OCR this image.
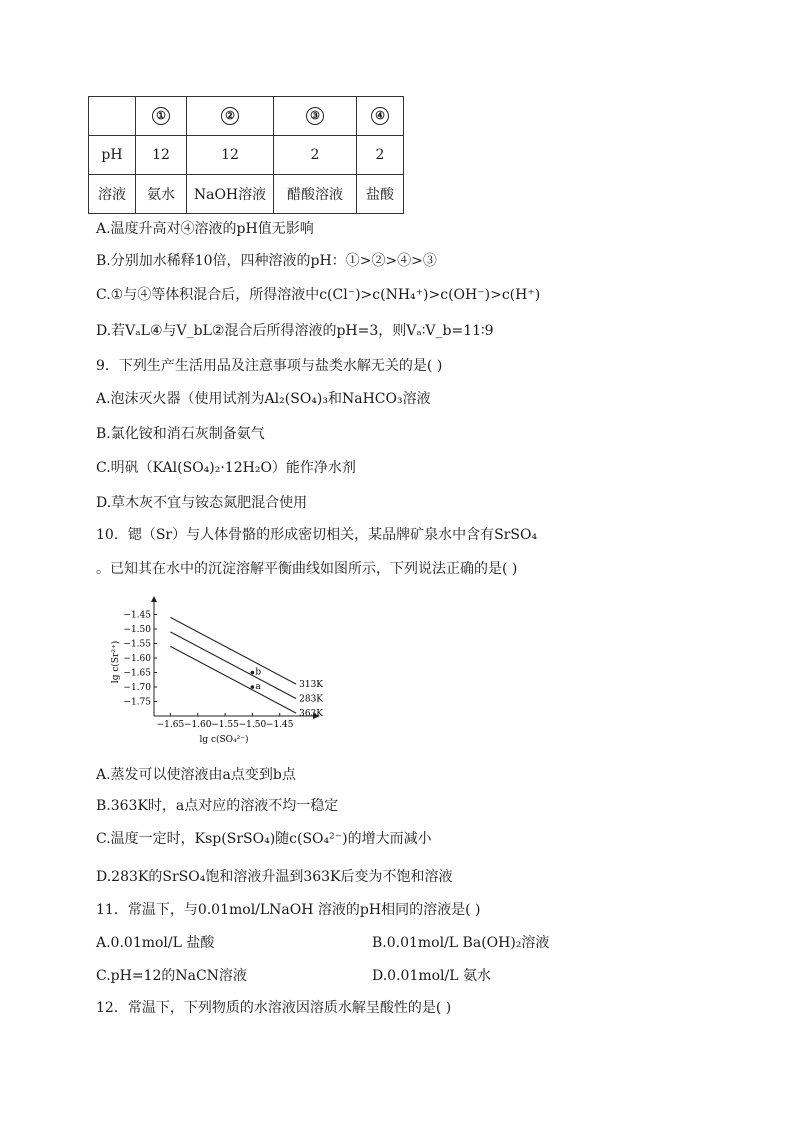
	①	②	③	④
pH	12	12	2	2
溶液	氨水	NaOH溶液	醋酸溶液	盐酸
A.温度升高对④溶液的pH值无影响
B.分别加水稀释10倍，四种溶液的pH：①>②>④>③
C.①与④等体积混合后，所得溶液中c(Cl⁻)>c(NH₄⁺)>c(OH⁻)>c(H⁺)
D.若VₐL④与V_bL②混合后所得溶液的pH=3，则Vₐ∶V_b=11∶9
9．下列生产生活用品及注意事项与盐类水解无关的是( )
A.泡沫灭火器（使用试剂为Al₂(SO₄)₃和NaHCO₃溶液
B.氯化铵和消石灰制备氨气
C.明矾（KAl(SO₄)₂·12H₂O）能作净水剂
D.草木灰不宜与铵态氮肥混合使用
10．锶（Sr）与人体骨骼的形成密切相关，某品牌矿泉水中含有SrSO₄
。已知其在水中的沉淀溶解平衡曲线如图所示，下列说法正确的是( )
−1.45
−1.50
−1.55
−1.60
−1.65
−1.70
−1.75
−1.65 −1.60 −1.55 −1.50 −1.45
313K
283K
363K
b
a
lg c(Sr²⁺)
lg c(SO₄²⁻)
A.蒸发可以使溶液由a点变到b点
B.363K时，a点对应的溶液不均一稳定
C.温度一定时，Ksp(SrSO₄)随c(SO₄²⁻)的增大而减小
D.283K的SrSO₄饱和溶液升温到363K后变为不饱和溶液
11．常温下，与0.01mol/LNaOH 溶液的pH相同的溶液是( )
A.0.01mol/L 盐酸	B.0.01mol/L Ba(OH)₂溶液
C.pH=12的NaCN溶液	D.0.01mol/L 氨水
12．常温下，下列物质的水溶液因溶质水解呈酸性的是( )
